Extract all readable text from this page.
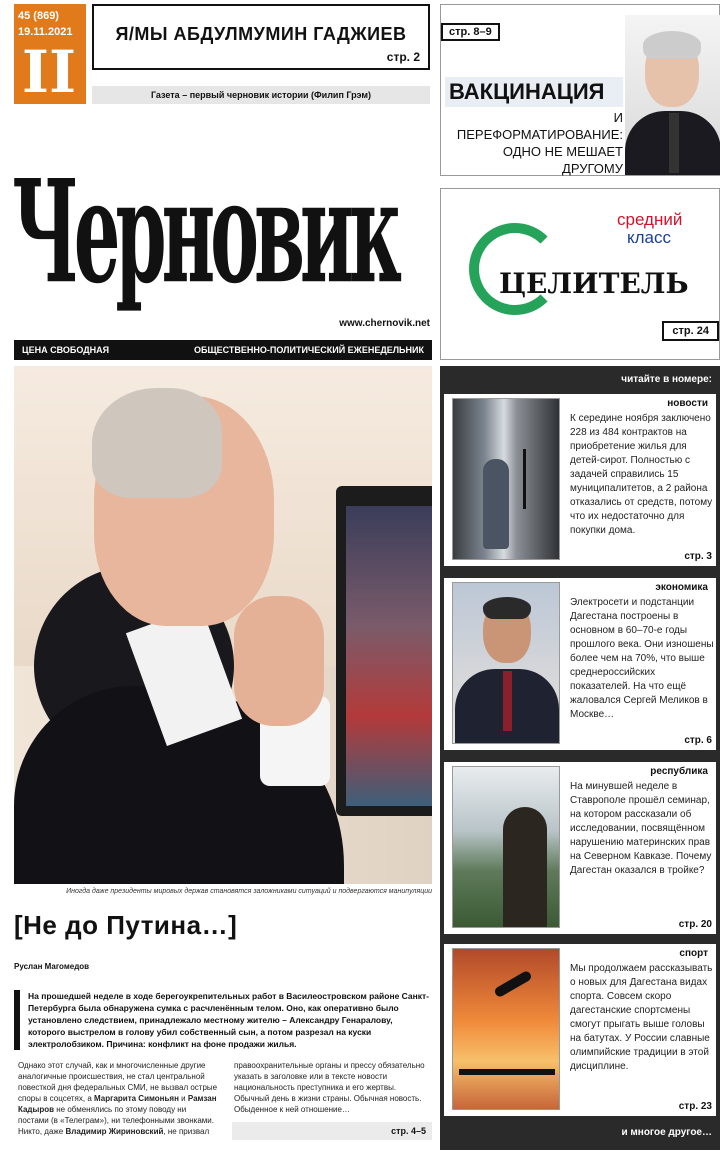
45 (869)
19.11.2021
II
Я/МЫ АБДУЛМУМИН ГАДЖИЕВ
стр. 2
Газета – первый черновик истории (Филип Грэм)
Черновик
www.chernovik.net
ЦЕНА СВОБОДНАЯ	ОБЩЕСТВЕННО-ПОЛИТИЧЕСКИЙ ЕЖЕНЕДЕЛЬНИК
стр. 8–9
ВАКЦИНАЦИЯ
И ПЕРЕФОРМАТИРОВАНИЕ: ОДНО НЕ МЕШАЕТ ДРУГОМУ
средний
класс
ЦЕЛИТЕЛЬ
стр. 24
Иногда даже президенты мировых держав становятся заложниками ситуаций и подвергаются манипуляции
[Не до Путина…]
Руслан Магомедов
На прошедшей неделе в ходе берегоукрепительных работ в Василеостровском районе Санкт-Петербурга была обнаружена сумка с расчленённым телом. Оно, как оперативно было установлено следствием, принадлежало местному жителю – Александру Генаралову, которого выстрелом в голову убил собственный сын, а потом разрезал на куски электролобзиком. Причина: конфликт на фоне продажи жилья.
Однако этот случай, как и многочисленные другие аналогичные происшествия, не стал центральной повесткой дня федеральных СМИ, не вызвал острые споры в соцсетях, а Маргарита Симоньян и Рамзан Кадыров не обменялись по этому поводу ни постами (в «Телеграм»), ни телефонными звонками.
Никто, даже Владимир Жириновский, не призвал
правоохранительные органы и прессу обязательно указать в заголовке или в тексте новости национальность преступника и его жертвы. Обычный день в жизни страны. Обычная новость. Обыденное к ней отношение…
стр. 4–5
читайте в номере:
новости
К середине ноября заключено 228 из 484 контрактов на приобретение жилья для детей-сирот. Полностью с задачей справились 15 муниципалитетов, а 2 района отказались от средств, потому что их недостаточно для покупки дома.
стр. 3
экономика
Электросети и подстанции Дагестана построены в основном в 60–70-е годы прошлого века. Они изношены более чем на 70%, что выше среднероссийских показателей. На что ещё жаловался Сергей Меликов в Москве…
стр. 6
республика
На минувшей неделе в Ставрополе прошёл семинар, на котором рассказали об исследовании, посвящённом нарушению материнских прав на Северном Кавказе. Почему Дагестан оказался в тройке?
стр. 20
спорт
Мы продолжаем рассказывать о новых для Дагестана видах спорта. Совсем скоро дагестанские спортсмены смогут прыгать выше головы на батутах. У России славные олимпийские традиции в этой дисциплине.
стр. 23
и многое другое…
